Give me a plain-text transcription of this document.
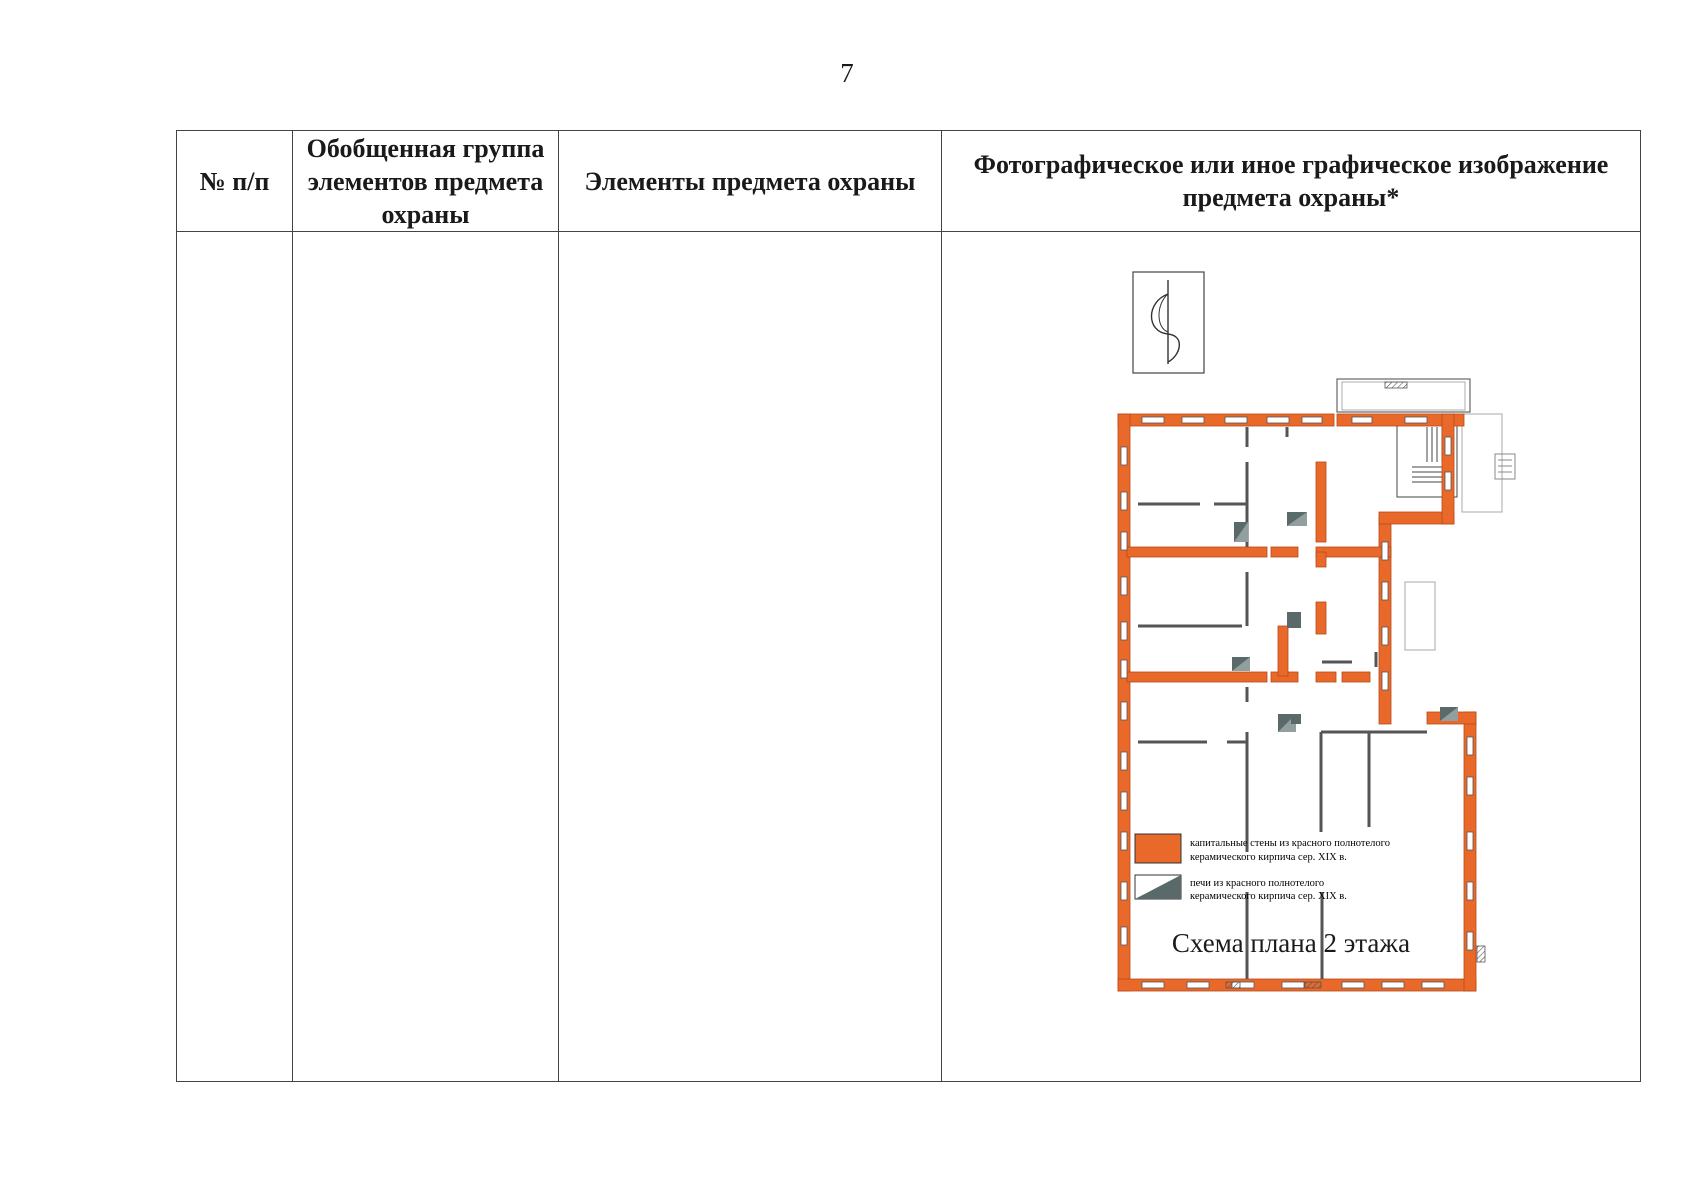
7
№ п/п	Обобщенная группа элементов предмета охраны	Элементы предмета охраны	Фотографическое или иное графическое изображение предмета охраны*

капитальные стены из красного полнотелого
керамического кирпича сер. XIX в.
печи из красного полнотелого
керамического кирпича сер. XIX в.
Схема плана 2 этажа
